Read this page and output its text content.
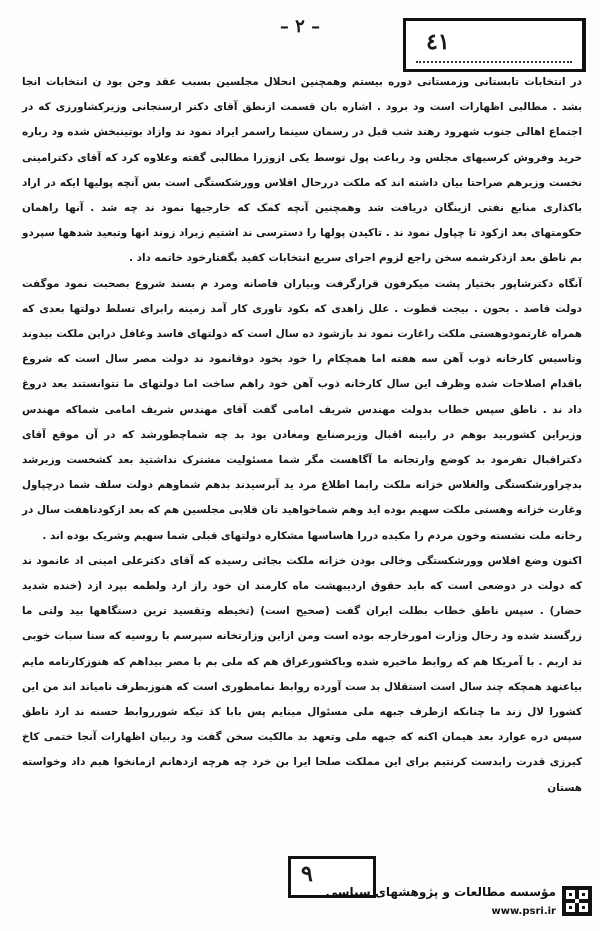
– ٢ –
٤١

در انتخابات تابستانی وزمستانی دوره بیستم وهمچنین انحلال مجلسین بسبب عقد وجن بود ن انتخابات انجا بشد . مطالبی اظهارات است ود برود . اشاره بان قسمت ازنطق آقای دکتر ارسنجانی وزیرکشاورزی که در اجتماع اهالی جنوب شهرود رهند شب قبل در رسمان سینما راسمر ایراد نمود ند وازاد بوتینبخش شده ود رباره خرید وفروش کرسیهای مجلس ود رباعت پول توسط یکی ازوزرا مطالبی گفته وعلاوه کرد که آقای دکترامینی نخست وزیرهم صراحتا بیان داشته اند که ملکت دررحال افلاس وورشکستگی است بس آنچه پولیها ایکه در اراد باکذاری منابع نفتی ازینگان دریافت شد وهمچنین آنچه کمک که خارجیها نمود ند چه شد . آنها راهمان حکومتهای بعد ازکود تا چپاول نمود ند . تاکیدن پولها را دسترسی ند اشتیم زبراد زوند انها وتبعید شدهها سپردو بم ناطق بعد ازذکرشمه سخن راجع لزوم اجرای سریع انتخابات کفید بگفتارخود خاتمه داد .

آنگاه دکترشاپور بختیار پشت میکرفون قرارگرفت وبیاران فاصانه ومرد م بسند شروع بصحبت نمود موگفت دولت قاصد . بحون . بیجت قطوت . علل زاهدی که بکود تاوری کار آمد زمینه رابرای تسلط دولتها بعدی که همراه غارتمودوهستی ملکت راغارت نمود ند بازشود ده سال است که دولتهای فاسد وغافل دراین ملکت بیدوند وتاسیس کارخانه ذوب آهن سه هفته اما همچکام را خود بخود دوقانمود ند دولت مصر سال است که شروع باقدام اصلاحات شده وظرف این سال کارخانه ذوب آهن خود راهم ساخت اما دولتهای ما نتوانستند بعد دروغ داد ند . ناطق سپس خطاب بدولت مهندس شریف امامی گفت آقای مهندس شریف امامی شماکه مهندس وزیراین کشوربید بوهم در رابینه اقبال وزیرصنایع ومعادن بود بد چه شماچطورشد که در آن موقع آقای دکتراقبال تفرمود بد کوضع وارتجانه ما آگاهست مگر شما مسئولیت مشترک نداشتید بعد کشخست وزیرشد بدچراورشکستگی والغلاس خزانه ملکت رابما اطلاع مرد ید آبرسیدند بدهم شماوهم دولت سلف شما درچپاول وغارت خزانه وهستی ملکت سهیم بوده اید وهم شماخواهید تان قلابی مجلسین هم که بعد ازکودتاهفت سال در رخانه ملت نشسته وخون مردم را مکیده دررا هاساسها مشکاره دولتهای قبلی شما سهیم وشریک بوده اند .

اکنون وضع افلاس وورشکستگی وخالی بودن خزانه ملکت بجائی رسیده که آقای دکترعلی امینی اد عانمود ند که دولت در دوضعی است که باید حقوق اردیبهشت ماه کارمند ان خود راز ارد ولطمه بپرد ازد (خنده شدید حضار) . سپس ناطق خطاب بطلت ایران گفت (صحیح است) (تخیطه وتقسید ترین دستگاهها بید ولتی ما زرگسند شده ود رحال وزارت امورخارجه بوده است ومن ازاین وزارتخانه سپرسم با روسیه که سنا سبات خوبی ند اربم . با آمریکا هم که روابط ماخیره شده وباکشورعراق هم که ملی بم با مصر بیداهم که هنوزکارنامه مایم بیاعنهد همچکه چند سال است استقلال بد ست آورده روابط نمامطوری است که هنوزبطرف نامیاند اند من این کشورا لال زند ما چنانکه ازطرف جبهه ملی مسئوال مینایم پس بابا کذ تیکه شورروابط حسنه ند ارد ناطق سپس دره عوارد بعد هیمان اکنه که جبهه ملی وتعهد بد مالکیت سخن گفت ود ربیان اظهارات آنجا ختمی کاخ کیرزی قدرت رابدست کرنتیم برای این مملکت صلحا ایرا بن خرد چه هرچه ازدهانم ازمانخوا هیم داد وخواسته هستان

٩
مؤسسه مطالعات و پژوهشهای سیاسی
www.psri.ir
